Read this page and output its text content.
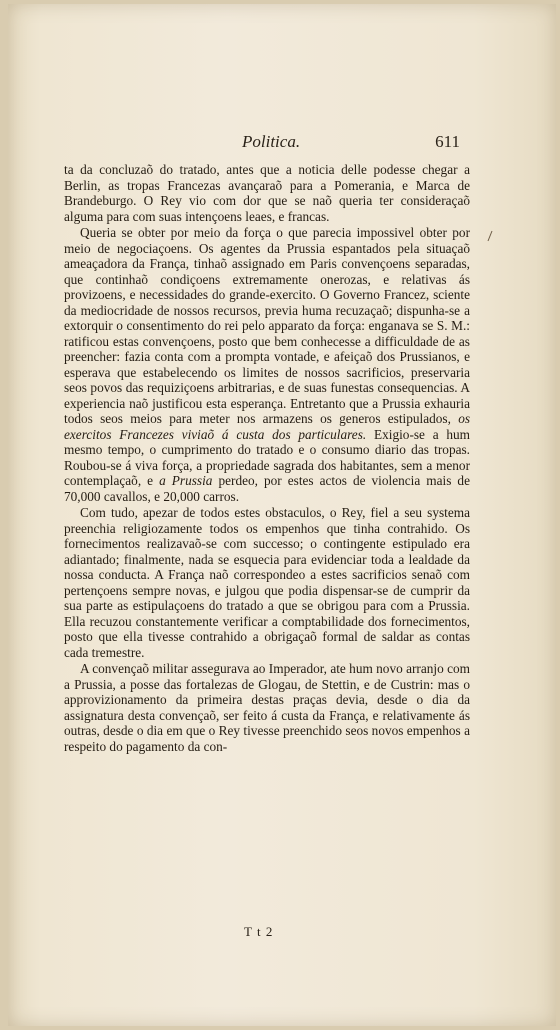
Politica.	611

ta da concluzaõ do tratado, antes que a noticia delle podesse chegar a Berlin, as tropas Francezas avançaraõ para a Pomerania, e Marca de Brandeburgo. O Rey vio com dor que se naõ queria ter consideraçaõ alguma para com suas intençoens leaes, e francas.

Queria se obter por meio da força o que parecia impossivel obter por meio de negociaçoens. Os agentes da Prussia espantados pela situaçaõ ameaçadora da França, tinhaõ assignado em Paris convençoens separadas, que continhaõ condiçoens extremamente onerozas, e relativas ás provizoens, e necessidades do grande-exercito. O Governo Francez, sciente da mediocridade de nossos recursos, previa huma recuzaçaõ; dispunha-se a extorquir o consentimento do rei pelo apparato da força: enganava se S. M.: ratificou estas convençoens, posto que bem conhecesse a difficuldade de as preencher: fazia conta com a prompta vontade, e afeiçaõ dos Prussianos, e esperava que estabelecendo os limites de nossos sacrificios, preservaria seos povos das requiziçoens arbitrarias, e de suas funestas consequencias. A experiencia naõ justificou esta esperança. Entretanto que a Prussia exhauria todos seos meios para meter nos armazens os generos estipulados, os exercitos Francezes viviaõ á custa dos particulares. Exigio-se a hum mesmo tempo, o cumprimento do tratado e o consumo diario das tropas. Roubou-se á viva força, a propriedade sagrada dos habitantes, sem a menor contemplaçaõ, e a Prussia perdeo, por estes actos de violencia mais de 70,000 cavallos, e 20,000 carros.

Com tudo, apezar de todos estes obstaculos, o Rey, fiel a seu systema preenchia religiozamente todos os empenhos que tinha contrahido. Os fornecimentos realizavaõ-se com successo; o contingente estipulado era adiantado; finalmente, nada se esquecia para evidenciar toda a lealdade da nossa conducta. A França naõ correspondeo a estes sacrificios senaõ com pertençoens sempre novas, e julgou que podia dispensar-se de cumprir da sua parte as estipulaçoens do tratado a que se obrigou para com a Prussia. Ella recuzou constantemente verificar a comptabilidade dos fornecimentos, posto que ella tivesse contrahido a obrigaçaõ formal de saldar as contas cada tremestre.

A convençaõ militar assegurava ao Imperador, ate hum novo arranjo com a Prussia, a posse das fortalezas de Glogau, de Stettin, e de Custrin: mas o approvizionamento da primeira destas praças devia, desde o dia da assignatura desta convençaõ, ser feito á custa da França, e relativamente ás outras, desde o dia em que o Rey tivesse preenchido seos novos empenhos a respeito do pagamento da con-

T t 2
